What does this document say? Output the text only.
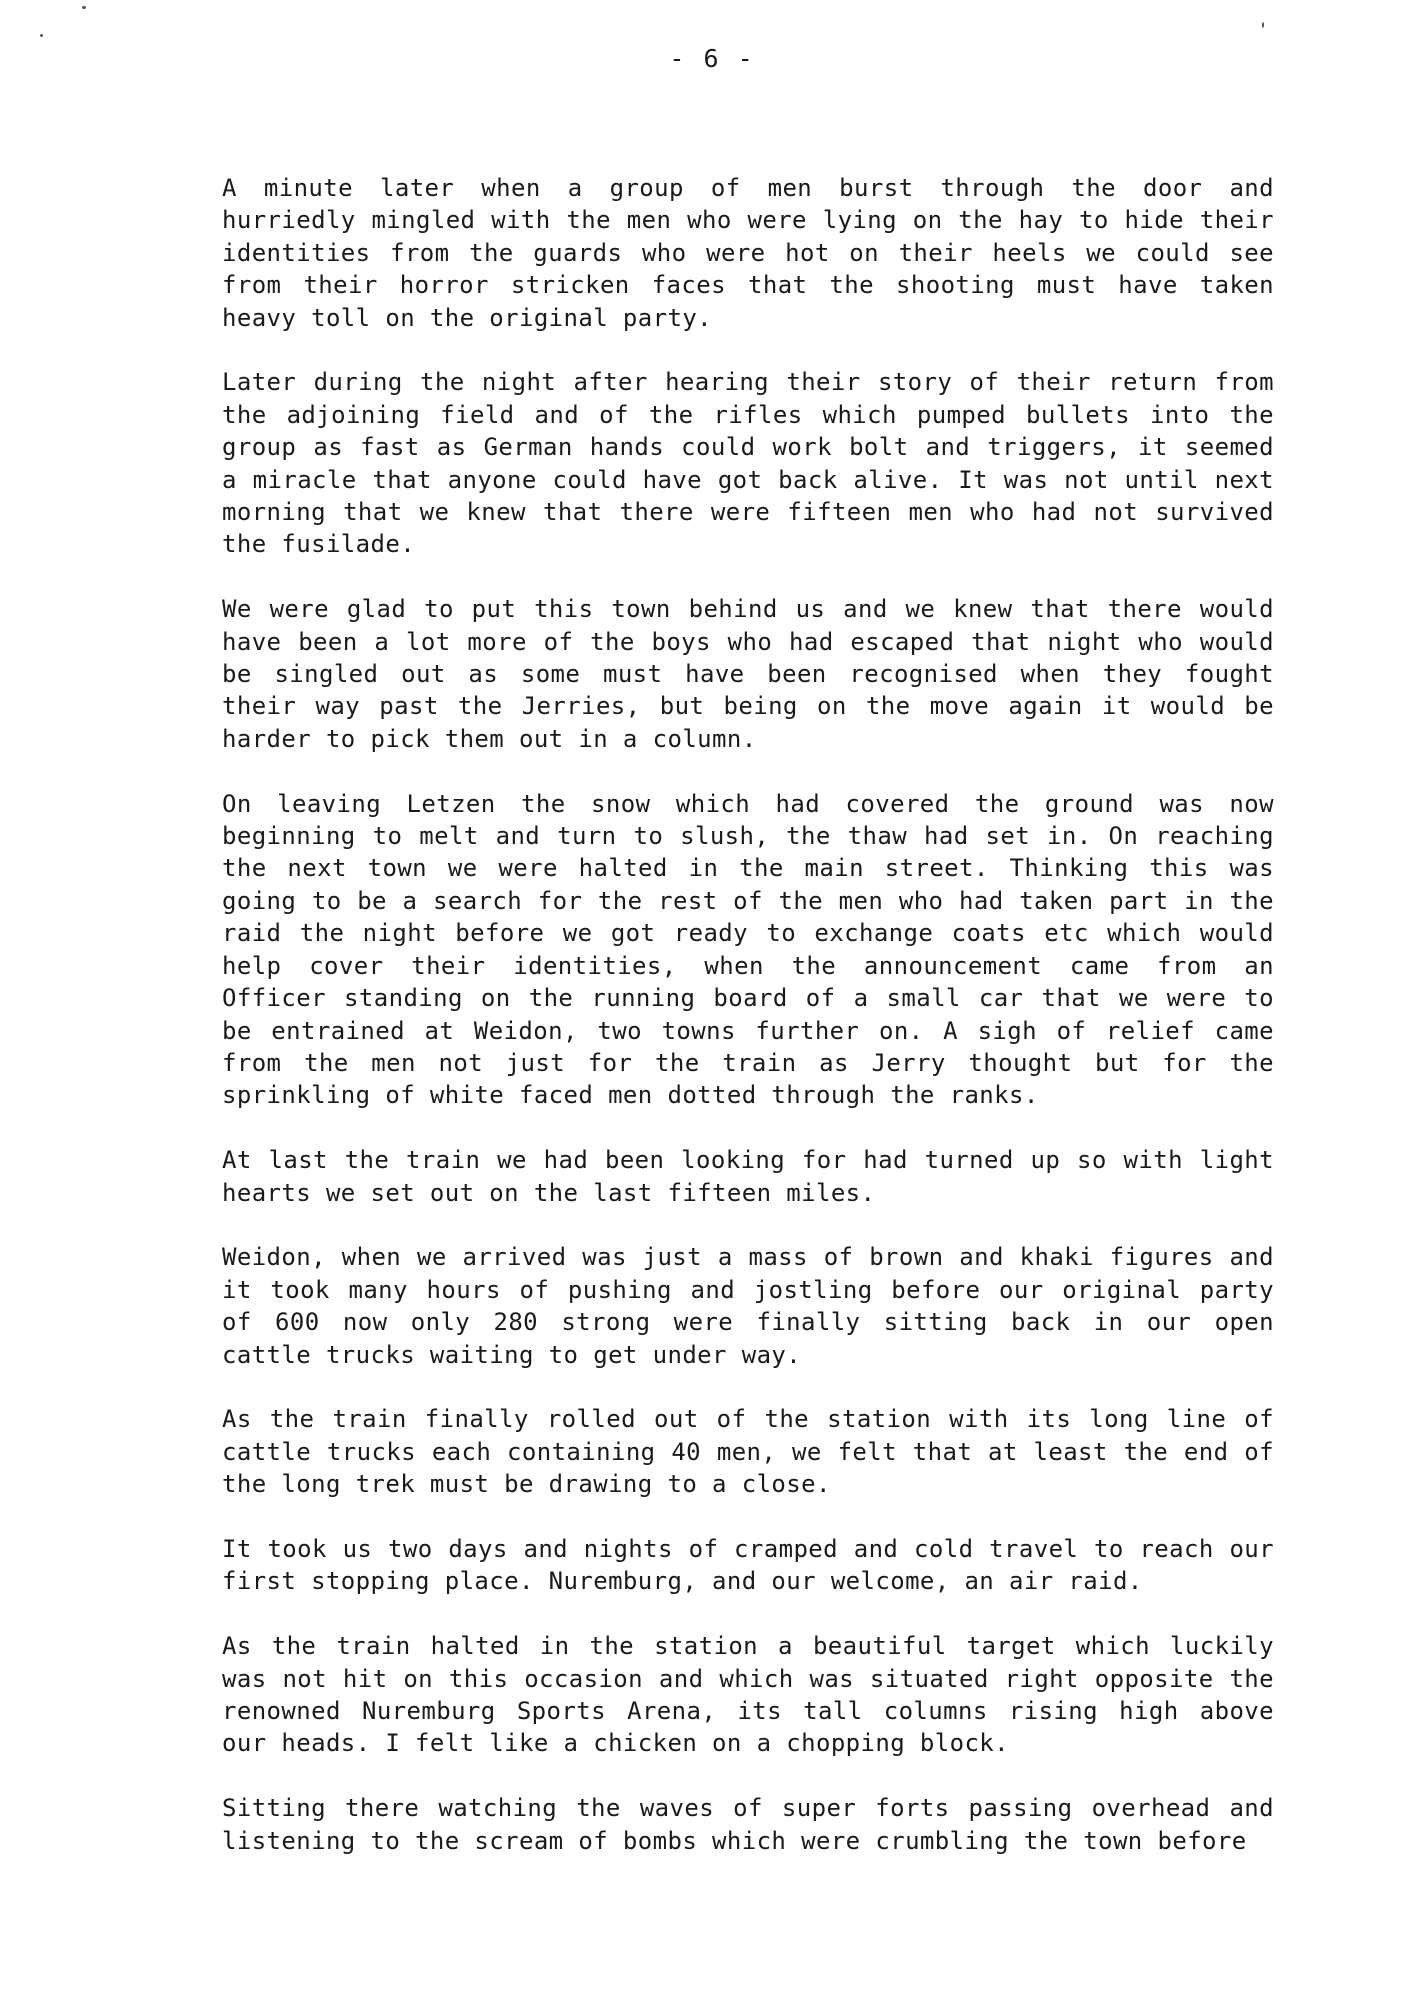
- 6 -

A minute later when a group of men burst through the door and hurriedly mingled with the men who were lying on the hay to hide their identities from the guards who were hot on their heels we could see from their horror stricken faces that the shooting must have taken heavy toll on the original party.

Later during the night after hearing their story of their return from the adjoining field and of the rifles which pumped bullets into the group as fast as German hands could work bolt and triggers, it seemed a miracle that anyone could have got back alive. It was not until next morning that we knew that there were fifteen men who had not survived the fusilade.

We were glad to put this town behind us and we knew that there would have been a lot more of the boys who had escaped that night who would be singled out as some must have been recognised when they fought their way past the Jerries, but being on the move again it would be harder to pick them out in a column.

On leaving Letzen the snow which had covered the ground was now beginning to melt and turn to slush, the thaw had set in. On reaching the next town we were halted in the main street. Thinking this was going to be a search for the rest of the men who had taken part in the raid the night before we got ready to exchange coats etc which would help cover their identities, when the announcement came from an Officer standing on the running board of a small car that we were to be entrained at Weidon, two towns further on. A sigh of relief came from the men not just for the train as Jerry thought but for the sprinkling of white faced men dotted through the ranks.

At last the train we had been looking for had turned up so with light hearts we set out on the last fifteen miles.

Weidon, when we arrived was just a mass of brown and khaki figures and it took many hours of pushing and jostling before our original party of 600 now only 280 strong were finally sitting back in our open cattle trucks waiting to get under way.

As the train finally rolled out of the station with its long line of cattle trucks each containing 40 men, we felt that at least the end of the long trek must be drawing to a close.

It took us two days and nights of cramped and cold travel to reach our first stopping place. Nuremburg, and our welcome, an air raid.

As the train halted in the station a beautiful target which luckily was not hit on this occasion and which was situated right opposite the renowned Nuremburg Sports Arena, its tall columns rising high above our heads. I felt like a chicken on a chopping block.

Sitting there watching the waves of super forts passing overhead and listening to the scream of bombs which were crumbling the town before
